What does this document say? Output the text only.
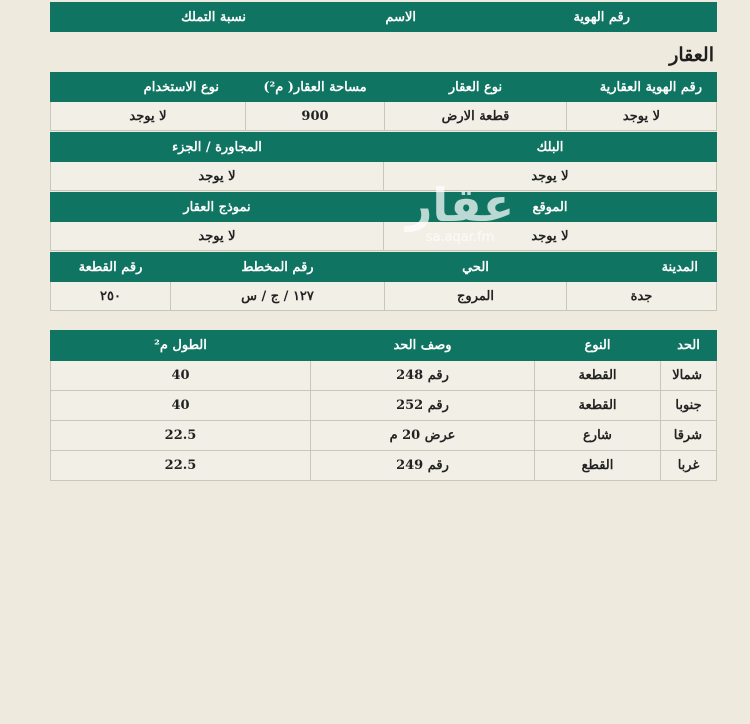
رقم الهوية	الاسم	نسبة التملك
العقار
رقم الهوية العقارية	نوع العقار	مساحة العقار( م²)	نوع الاستخدام
لا يوجد	قطعة الارض	900	لا يوجد
البلك	المجاورة / الجزء
لا يوجد	لا يوجد
الموقع	نموذج العقار
لا يوجد	لا يوجد
المدينة	الحي	رقم المخطط	رقم القطعة
جدة	المروج	١٢٧ / ج / س	٢٥٠
عقار
sa.aqar.fm
الحد	النوع	وصف الحد	الطول م²
شمالا	القطعة	رقم 248	40
جنوبا	القطعة	رقم 252	40
شرقا	شارع	عرض 20 م	22.5
غربا	القطع	رقم 249	22.5
